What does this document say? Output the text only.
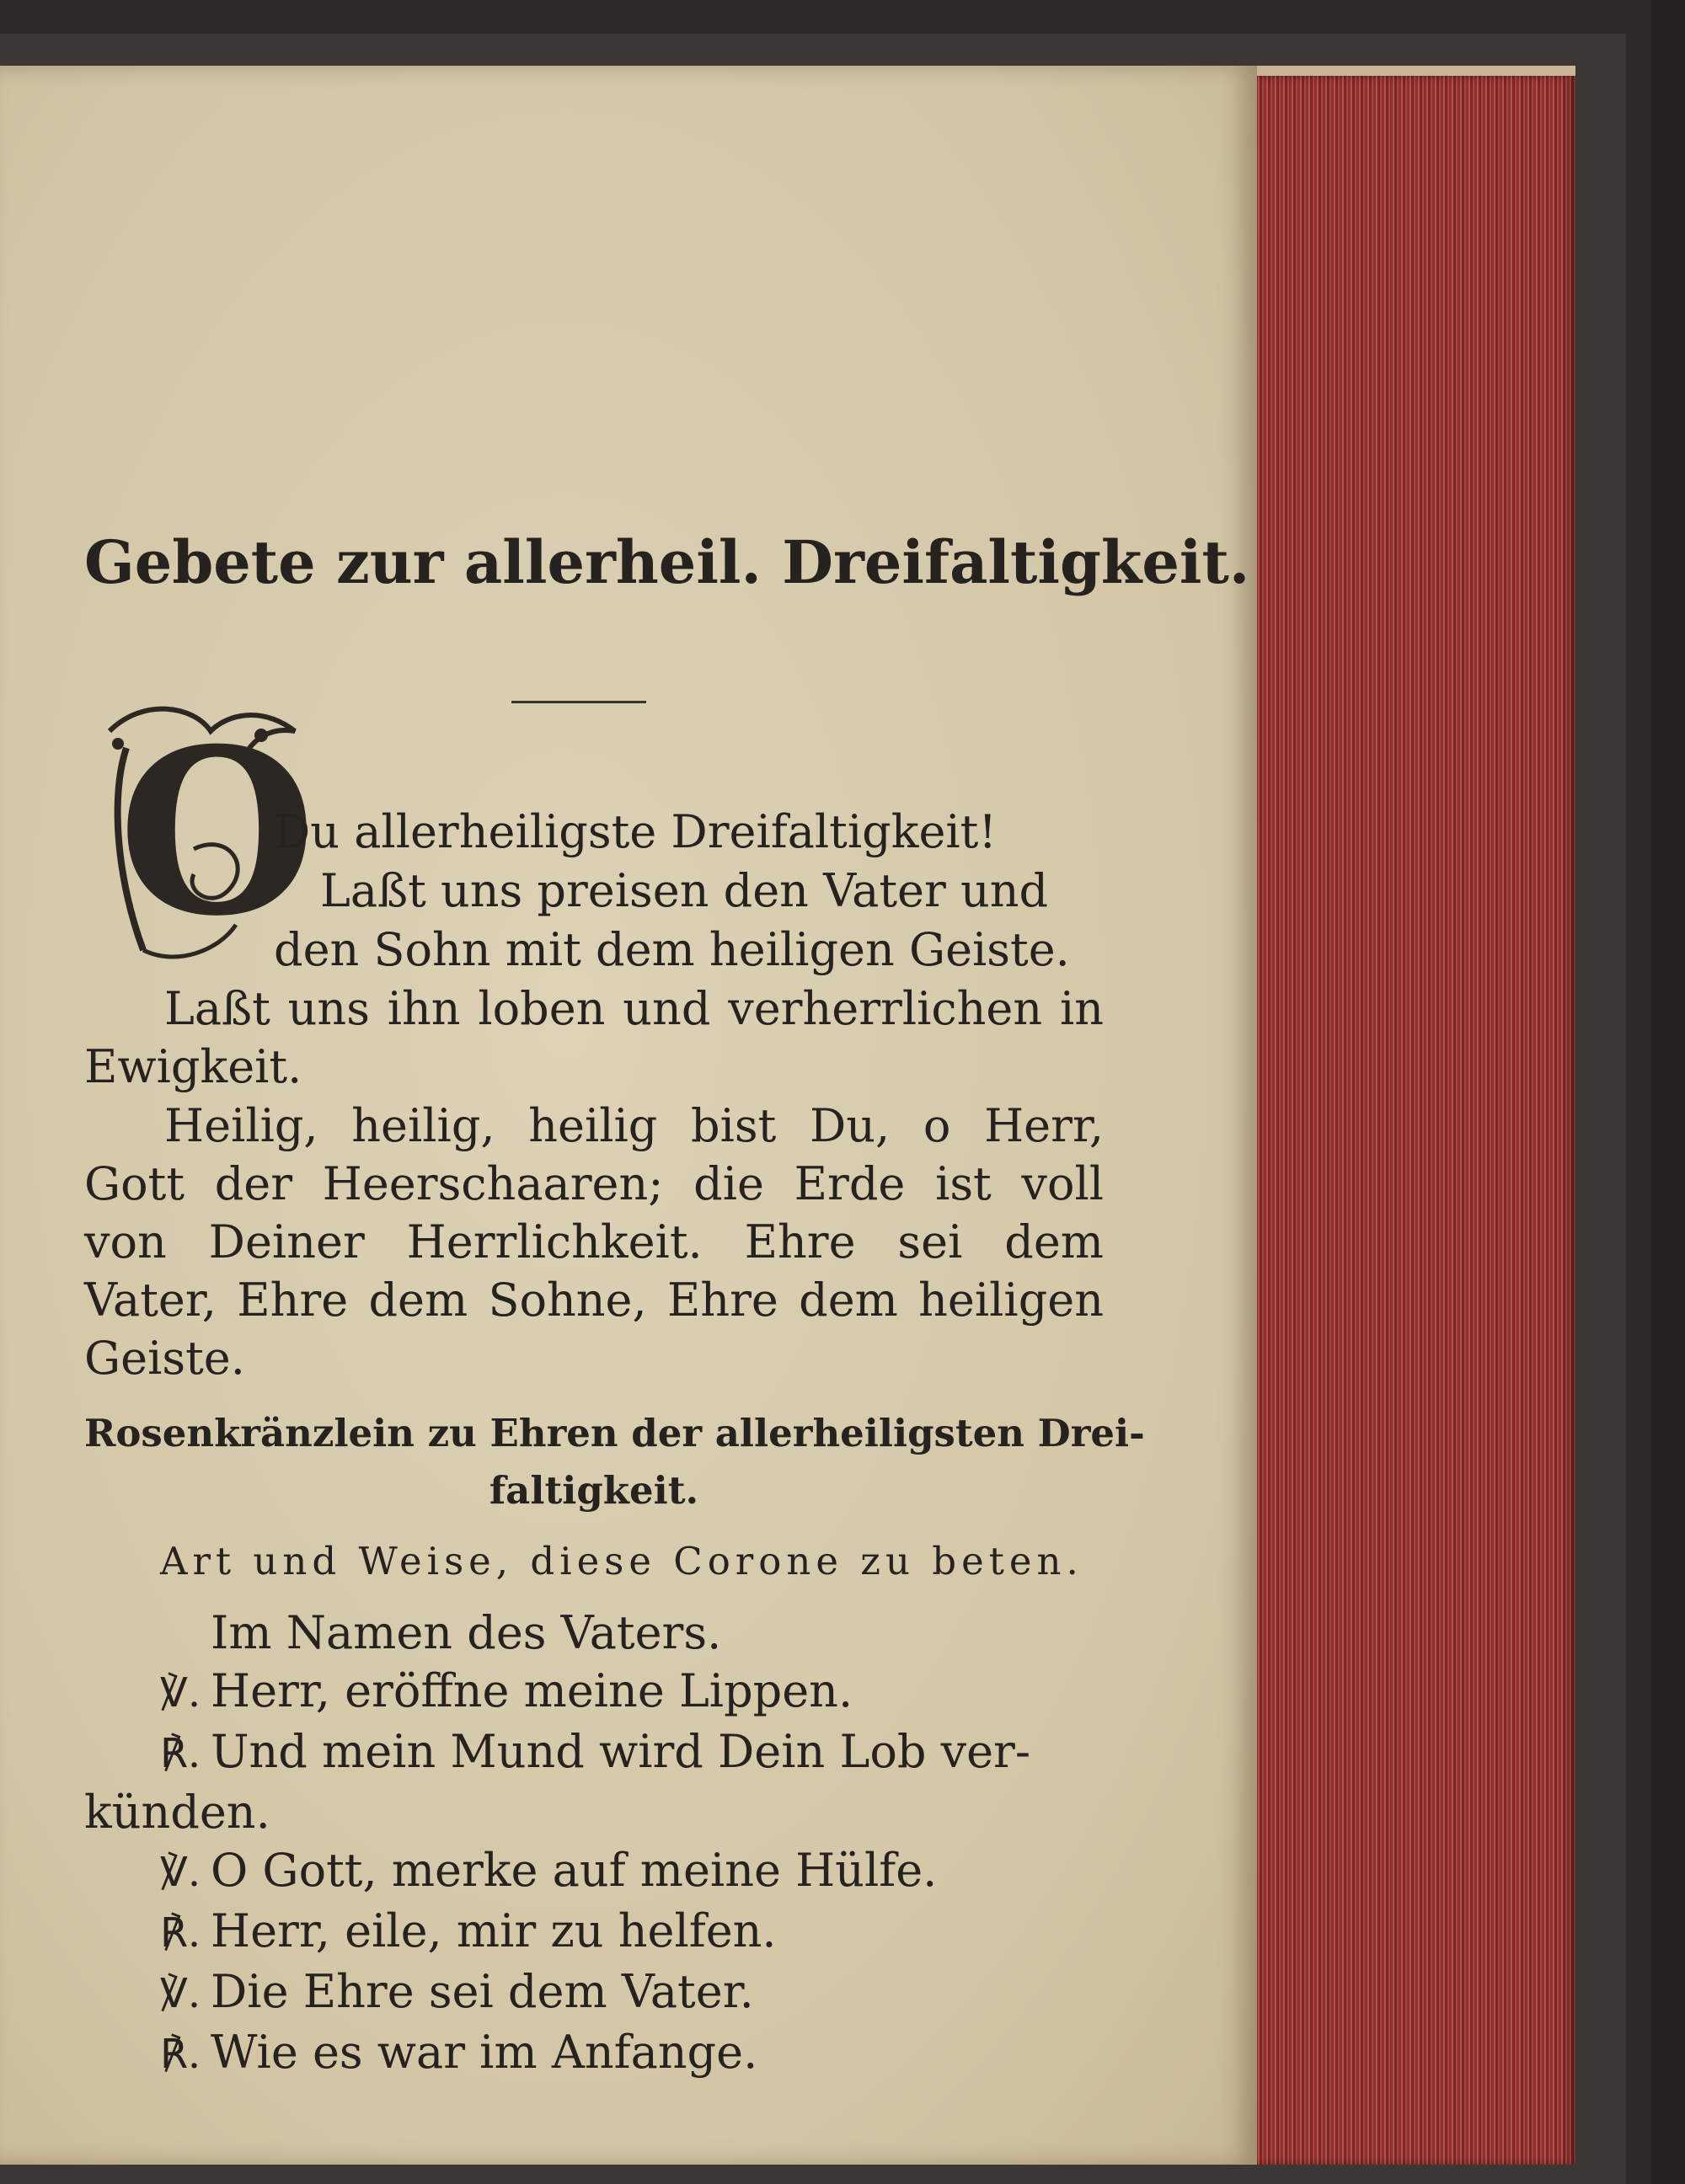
Gebete zur allerheil. Dreifaltigkeit.
O

Du allerheiligste Dreifaltigkeit!

Laßt uns preisen den Vater und

den Sohn mit dem heiligen Geiste.

Laßt uns ihn loben und verherrlichen in Ewigkeit.

Heilig, heilig, heilig bist Du, o Herr, Gott der Heerschaaren; die Erde ist voll von Deiner Herrlichkeit. Ehre sei dem Vater, Ehre dem Sohne, Ehre dem heiligen Geiste.

Rosenkränzlein zu Ehren der allerheiligsten Drei-
faltigkeit.

Art und Weise, diese Corone zu beten.

Im Namen des Vaters.
℣. Herr, eröffne meine Lippen.
℟. Und mein Mund wird Dein Lob ver-
künden.
℣. O Gott, merke auf meine Hülfe.
℟. Herr, eile, mir zu helfen.
℣. Die Ehre sei dem Vater.
℟. Wie es war im Anfange.
